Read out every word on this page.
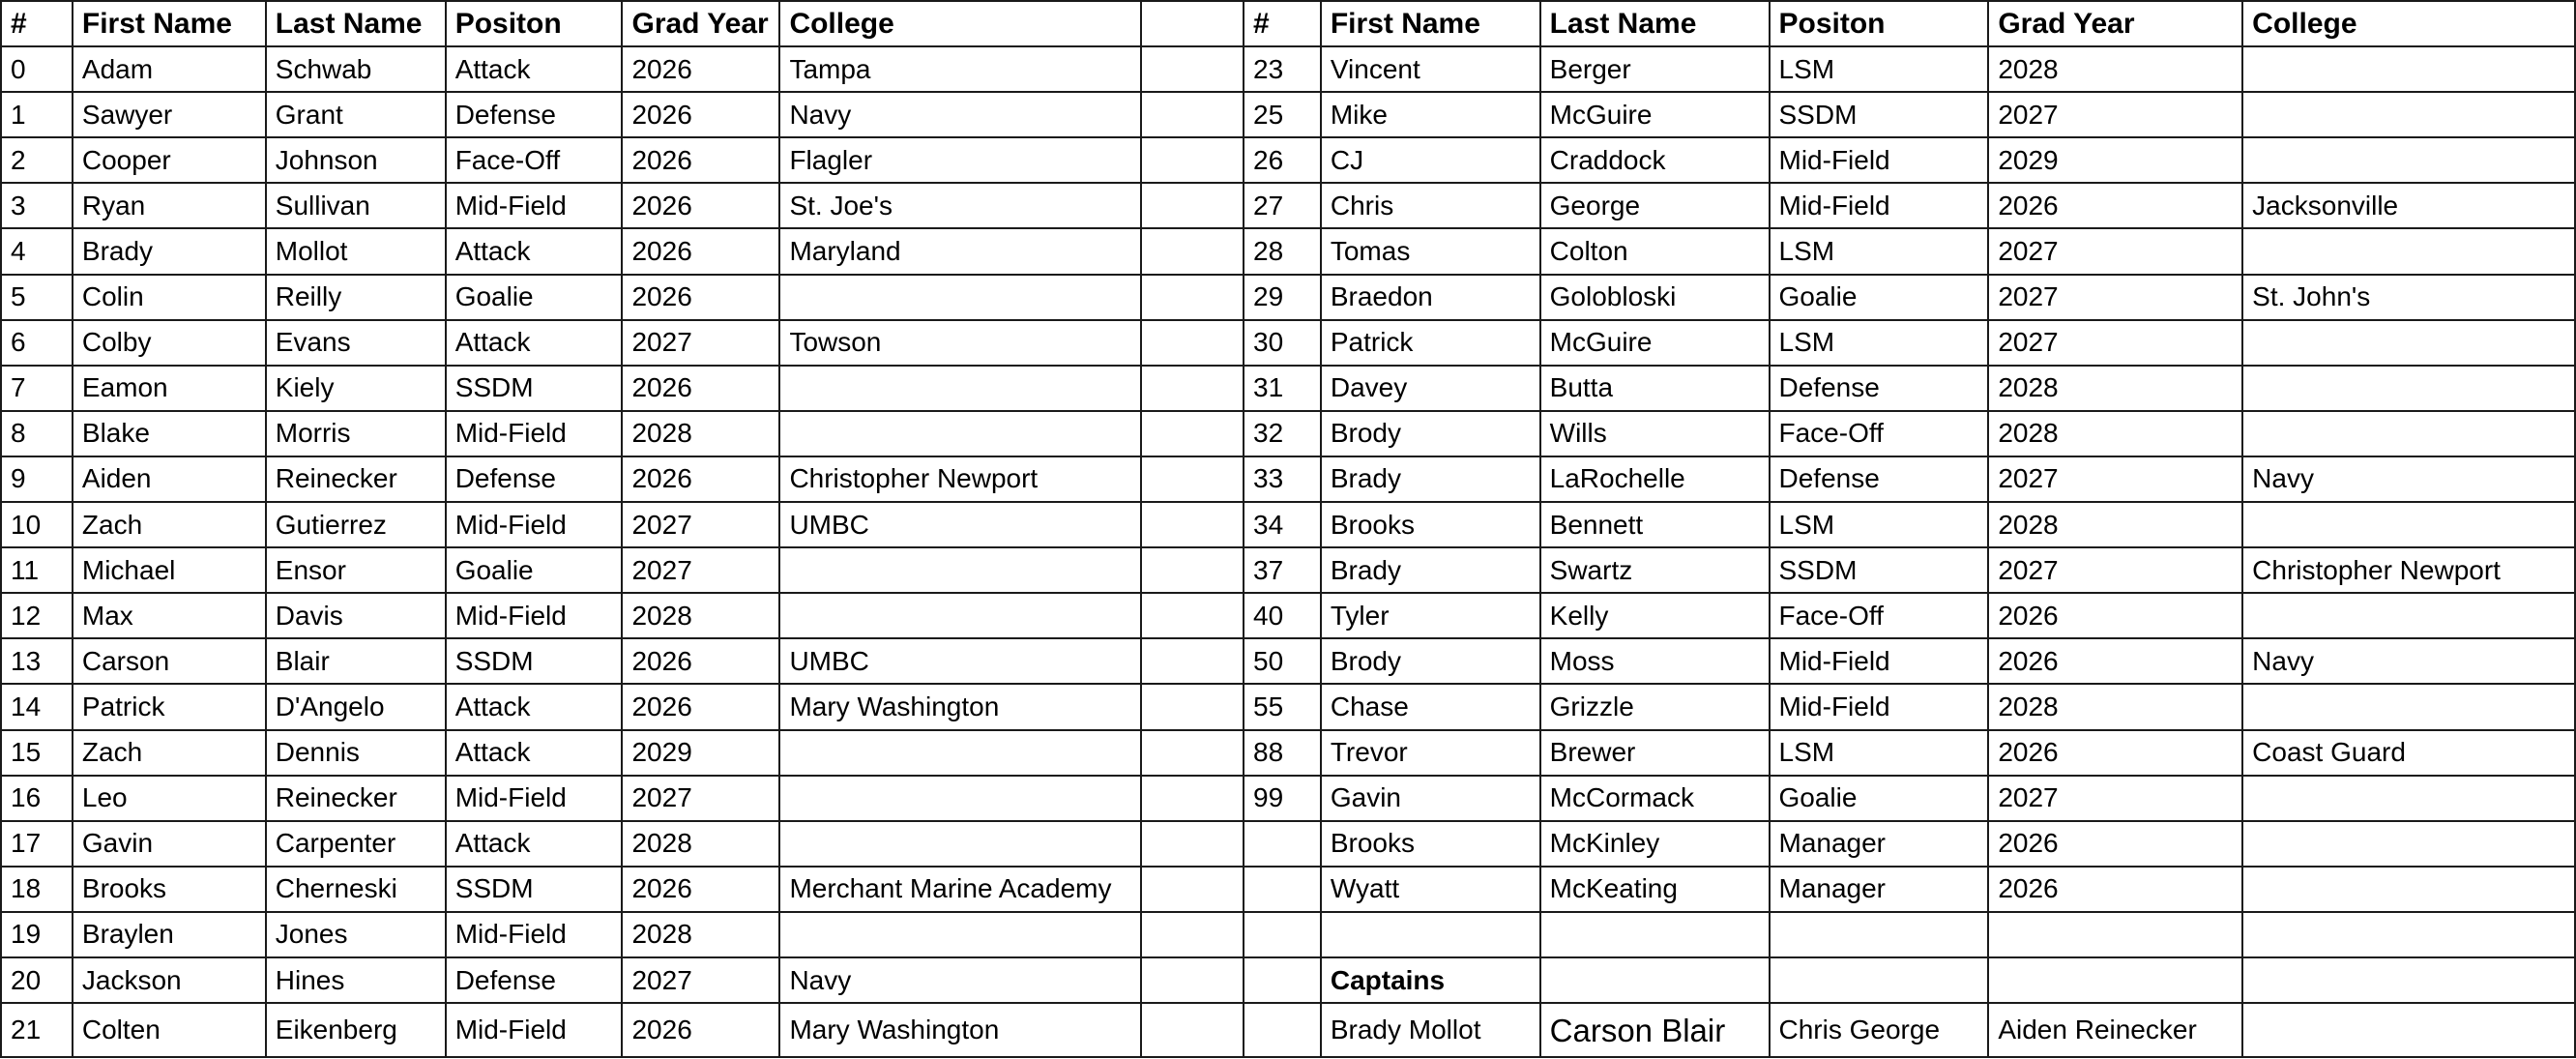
#	First Name	Last Name	Positon	Grad Year	College		#	First Name	Last Name	Positon	Grad Year	College
0	Adam	Schwab	Attack	2026	Tampa		23	Vincent	Berger	LSM	2028	
1	Sawyer	Grant	Defense	2026	Navy		25	Mike	McGuire	SSDM	2027	
2	Cooper	Johnson	Face-Off	2026	Flagler		26	CJ	Craddock	Mid-Field	2029	
3	Ryan	Sullivan	Mid-Field	2026	St. Joe's		27	Chris	George	Mid-Field	2026	Jacksonville
4	Brady	Mollot	Attack	2026	Maryland		28	Tomas	Colton	LSM	2027	
5	Colin	Reilly	Goalie	2026			29	Braedon	Golobloski	Goalie	2027	St. John's
6	Colby	Evans	Attack	2027	Towson		30	Patrick	McGuire	LSM	2027	
7	Eamon	Kiely	SSDM	2026			31	Davey	Butta	Defense	2028	
8	Blake	Morris	Mid-Field	2028			32	Brody	Wills	Face-Off	2028	
9	Aiden	Reinecker	Defense	2026	Christopher Newport		33	Brady	LaRochelle	Defense	2027	Navy
10	Zach	Gutierrez	Mid-Field	2027	UMBC		34	Brooks	Bennett	LSM	2028	
11	Michael	Ensor	Goalie	2027			37	Brady	Swartz	SSDM	2027	Christopher Newport
12	Max	Davis	Mid-Field	2028			40	Tyler	Kelly	Face-Off	2026	
13	Carson	Blair	SSDM	2026	UMBC		50	Brody	Moss	Mid-Field	2026	Navy
14	Patrick	D'Angelo	Attack	2026	Mary Washington		55	Chase	Grizzle	Mid-Field	2028	
15	Zach	Dennis	Attack	2029			88	Trevor	Brewer	LSM	2026	Coast Guard
16	Leo	Reinecker	Mid-Field	2027			99	Gavin	McCormack	Goalie	2027	
17	Gavin	Carpenter	Attack	2028				Brooks	McKinley	Manager	2026	
18	Brooks	Cherneski	SSDM	2026	Merchant Marine Academy			Wyatt	McKeating	Manager	2026	
19	Braylen	Jones	Mid-Field	2028								
20	Jackson	Hines	Defense	2027	Navy			Captains				
21	Colten	Eikenberg	Mid-Field	2026	Mary Washington			Brady Mollot	Carson Blair	Chris George	Aiden Reinecker	
